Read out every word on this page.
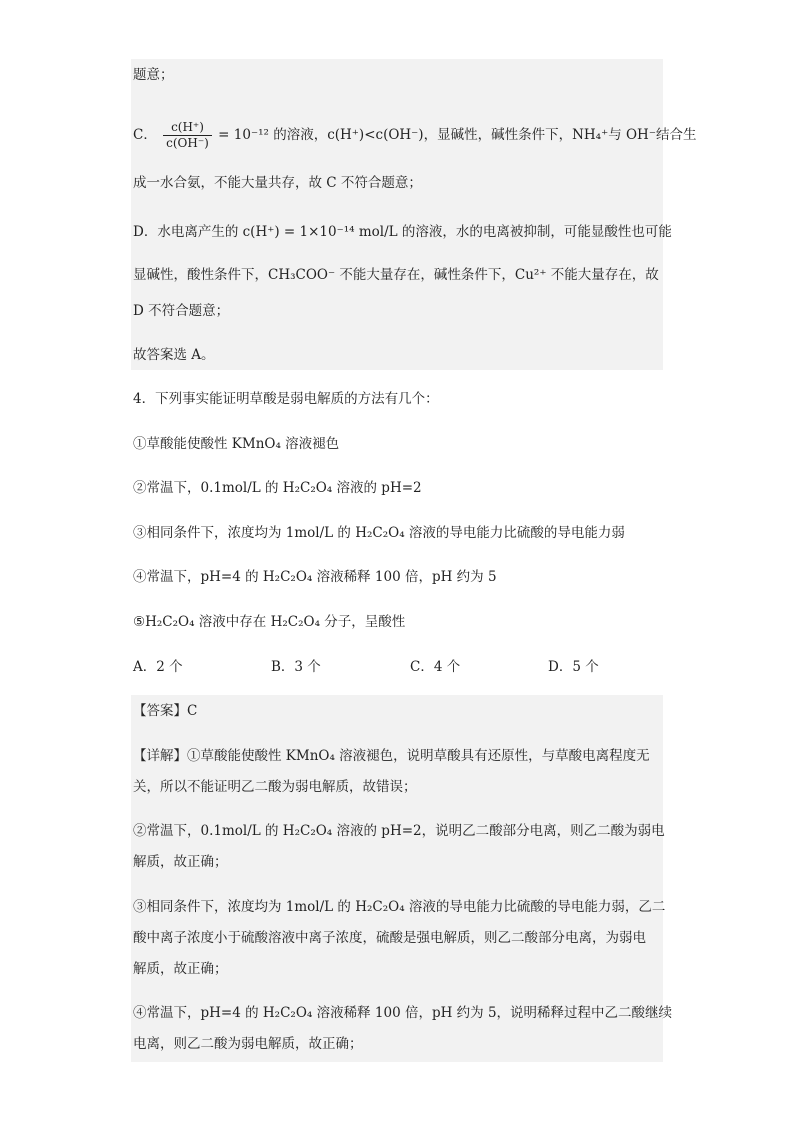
题意；
C． $\frac{c(H^+)}{c(OH^-)} = 10^{-12}$ 的溶液，c(H⁺)<c(OH⁻)，显碱性，碱性条件下，NH₄⁺与 OH⁻结合生
成一水合氨，不能大量共存，故 C 不符合题意；
D．水电离产生的 c(H⁺) = 1×10⁻¹⁴ mol/L 的溶液，水的电离被抑制，可能显酸性也可能
显碱性，酸性条件下，CH₃COO⁻ 不能大量存在，碱性条件下，Cu²⁺ 不能大量存在，故
D 不符合题意；
故答案选 A。
4．下列事实能证明草酸是弱电解质的方法有几个：
①草酸能使酸性 KMnO₄ 溶液褪色
②常温下，0.1mol/L 的 H₂C₂O₄ 溶液的 pH=2
③相同条件下，浓度均为 1mol/L 的 H₂C₂O₄ 溶液的导电能力比硫酸的导电能力弱
④常温下，pH=4 的 H₂C₂O₄ 溶液稀释 100 倍，pH 约为 5
⑤H₂C₂O₄ 溶液中存在 H₂C₂O₄ 分子，呈酸性
A．2 个	B．3 个	C．4 个	D．5 个
【答案】C
【详解】①草酸能使酸性 KMnO₄ 溶液褪色，说明草酸具有还原性，与草酸电离程度无
关，所以不能证明乙二酸为弱电解质，故错误；
②常温下，0.1mol/L 的 H₂C₂O₄ 溶液的 pH=2，说明乙二酸部分电离，则乙二酸为弱电
解质，故正确；
③相同条件下，浓度均为 1mol/L 的 H₂C₂O₄ 溶液的导电能力比硫酸的导电能力弱，乙二
酸中离子浓度小于硫酸溶液中离子浓度，硫酸是强电解质，则乙二酸部分电离，为弱电
解质，故正确；
④常温下，pH=4 的 H₂C₂O₄ 溶液稀释 100 倍，pH 约为 5，说明稀释过程中乙二酸继续
电离，则乙二酸为弱电解质，故正确；
